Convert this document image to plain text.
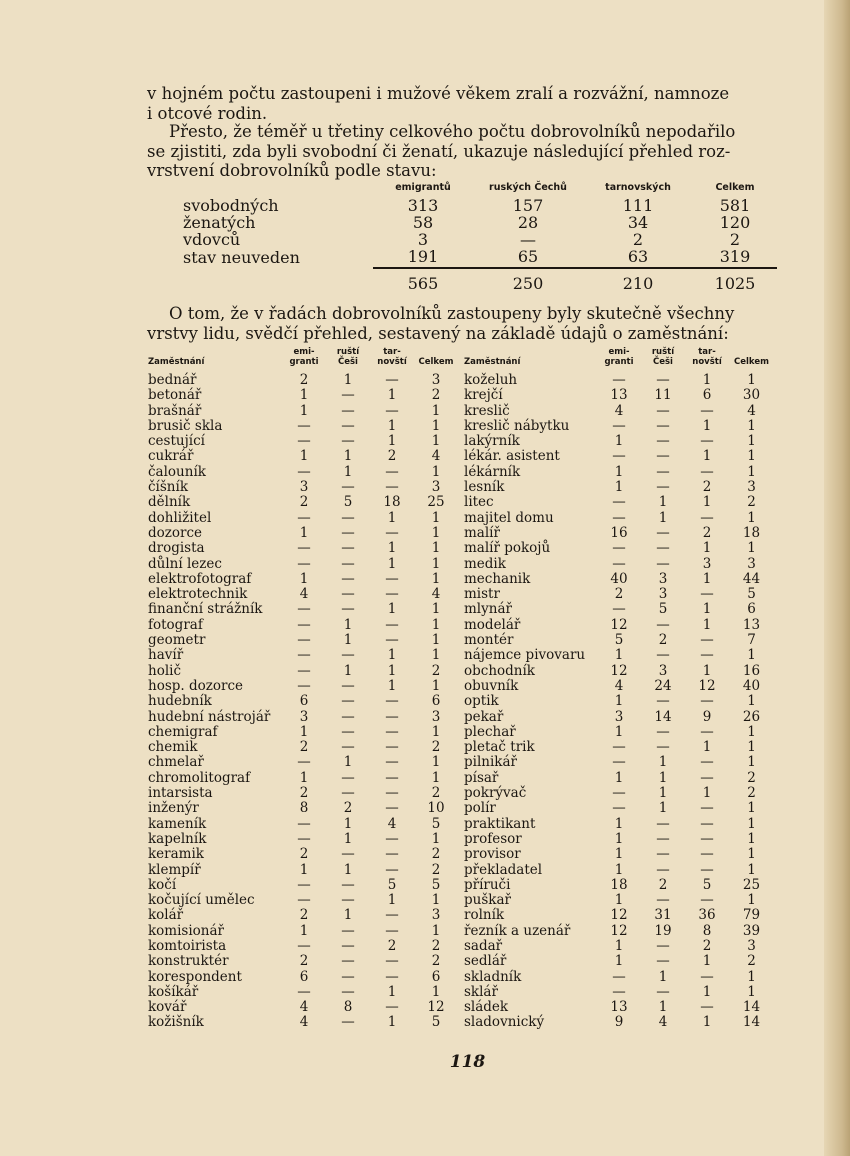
v hojném počtu zastoupeni i mužové věkem zralí a rozvážní, namnoze
i otcové rodin.
Přesto, že téměř u třetiny celkového počtu dobrovolníků nepodařilo
se zjistiti, zda byli svobodní či ženatí, ukazuje následující přehled roz-
vrstvení dobrovolníků podle stavu:
	emigrantů	ruských Čechů	tarnovských	Celkem
svobodných	313	157	111	581
ženatých	58	28	34	120
vdovců	3	—	2	2
stav neuveden	191	65	63	319
	565	250	210	1025
O tom, že v řadách dobrovolníků zastoupeny byly skutečně všechny
vrstvy lidu, svědčí přehled, sestavený na základě údajů o zaměstnání:
Zaměstnání	emi- granti	ruští Češi	tar- novští	Celkem
bednář	2	1	—	3
betonář	1	—	1	2
brašnář	1	—	—	1
brusič skla	—	—	1	1
cestující	—	—	1	1
cukrář	1	1	2	4
čalouník	—	1	—	1
číšník	3	—	—	3
dělník	2	5	18	25
dohližitel	—	—	1	1
dozorce	1	—	—	1
drogista	—	—	1	1
důlní lezec	—	—	1	1
elektrofotograf	1	—	—	1
elektrotechnik	4	—	—	4
finanční strážník	—	—	1	1
fotograf	—	1	—	1
geometr	—	1	—	1
havíř	—	—	1	1
holič	—	1	1	2
hosp. dozorce	—	—	1	1
hudebník	6	—	—	6
hudební nástrojář	3	—	—	3
chemigraf	1	—	—	1
chemik	2	—	—	2
chmelař	—	1	—	1
chromolitograf	1	—	—	1
intarsista	2	—	—	2
inženýr	8	2	—	10
kameník	—	1	4	5
kapelník	—	1	—	1
keramik	2	—	—	2
klempíř	1	1	—	2
kočí	—	—	5	5
kočující umělec	—	—	1	1
kolář	2	1	—	3
komisionář	1	—	—	1
komtoirista	—	—	2	2
konstruktér	2	—	—	2
korespondent	6	—	—	6
košíkář	—	—	1	1
kovář	4	8	—	12
kožišník	4	—	1	5
Zaměstnání	emi- granti	ruští Češi	tar- novští	Celkem
koželuh	—	—	1	1
krejčí	13	11	6	30
kreslič	4	—	—	4
kreslič nábytku	—	—	1	1
lakýrník	1	—	—	1
lékár. asistent	—	—	1	1
lékárník	1	—	—	1
lesník	1	—	2	3
litec	—	1	1	2
majitel domu	—	1	—	1
malíř	16	—	2	18
malíř pokojů	—	—	1	1
medik	—	—	3	3
mechanik	40	3	1	44
mistr	2	3	—	5
mlynář	—	5	1	6
modelář	12	—	1	13
montér	5	2	—	7
nájemce pivovaru	1	—	—	1
obchodník	12	3	1	16
obuvník	4	24	12	40
optik	1	—	—	1
pekař	3	14	9	26
plechař	1	—	—	1
pletač trik	—	—	1	1
pilnikář	—	1	—	1
písař	1	1	—	2
pokrývač	—	1	1	2
polír	—	1	—	1
praktikant	1	—	—	1
profesor	1	—	—	1
provisor	1	—	—	1
překladatel	1	—	—	1
příruči	18	2	5	25
puškař	1	—	—	1
rolník	12	31	36	79
řezník a uzenář	12	19	8	39
sadař	1	—	2	3
sedlář	1	—	1	2
skladník	—	1	—	1
sklář	—	—	1	1
sládek	13	1	—	14
sladovnický	9	4	1	14
118
